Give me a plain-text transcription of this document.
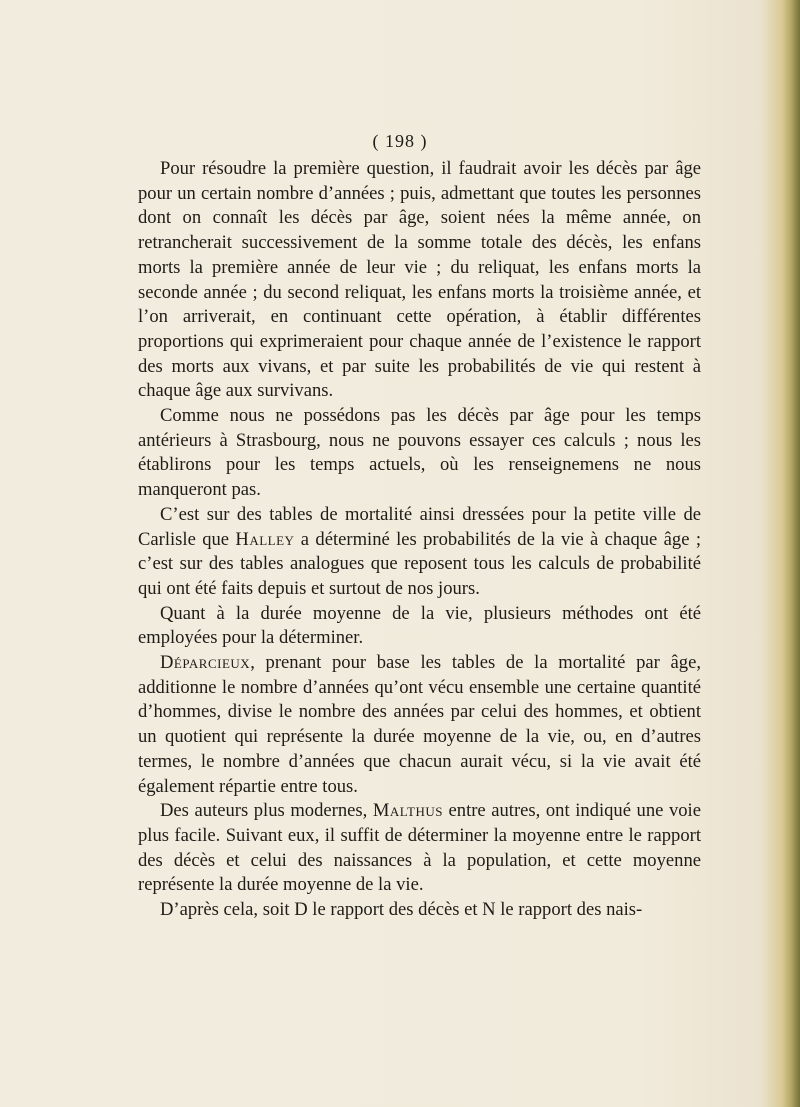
( 198 )

Pour résoudre la première question, il faudrait avoir les décès par âge pour un certain nombre d’années ; puis, admettant que toutes les personnes dont on connaît les décès par âge, soient nées la même année, on retrancherait successivement de la somme totale des décès, les enfans morts la première année de leur vie ; du reliquat, les enfans morts la seconde année ; du second reliquat, les enfans morts la troisième année, et l’on arriverait, en continuant cette opération, à établir différentes proportions qui exprimeraient pour chaque année de l’existence le rapport des morts aux vivans, et par suite les probabilités de vie qui restent à chaque âge aux survivans.

Comme nous ne possédons pas les décès par âge pour les temps antérieurs à Strasbourg, nous ne pouvons essayer ces calculs ; nous les établirons pour les temps actuels, où les renseignemens ne nous manqueront pas.

C’est sur des tables de mortalité ainsi dressées pour la petite ville de Carlisle que Halley a déterminé les probabilités de la vie à chaque âge ; c’est sur des tables analogues que reposent tous les calculs de probabilité qui ont été faits depuis et surtout de nos jours.

Quant à la durée moyenne de la vie, plusieurs méthodes ont été employées pour la déterminer.

Déparcieux, prenant pour base les tables de la mortalité par âge, additionne le nombre d’années qu’ont vécu ensemble une certaine quantité d’hommes, divise le nombre des années par celui des hommes, et obtient un quotient qui représente la durée moyenne de la vie, ou, en d’autres termes, le nombre d’années que chacun aurait vécu, si la vie avait été également répartie entre tous.

Des auteurs plus modernes, Malthus entre autres, ont indiqué une voie plus facile. Suivant eux, il suffit de déterminer la moyenne entre le rapport des décès et celui des naissances à la population, et cette moyenne représente la durée moyenne de la vie.

D’après cela, soit D le rapport des décès et N le rapport des nais-
